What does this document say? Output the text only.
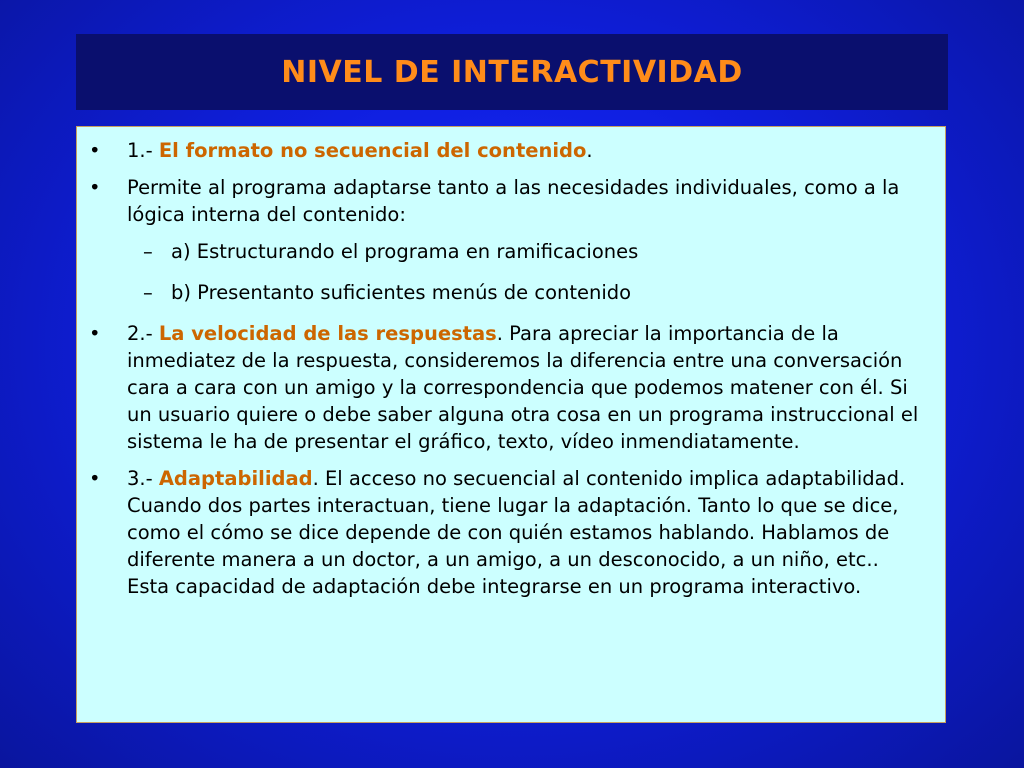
NIVEL DE INTERACTIVIDAD
• 1.- El formato no secuencial del contenido.
• Permite al programa adaptarse tanto a las necesidades individuales, como a la lógica interna del contenido:
– a) Estructurando el programa en ramificaciones
– b) Presentanto suficientes menús de contenido
• 2.- La velocidad de las respuestas. Para apreciar la importancia de la inmediatez de la respuesta, consideremos la diferencia entre una conversación cara a cara con un amigo y la correspondencia que podemos matener con él. Si un usuario quiere o debe saber alguna otra cosa en un programa instruccional el sistema le ha de presentar el gráfico, texto, vídeo inmendiatamente.
• 3.- Adaptabilidad. El acceso no secuencial al contenido implica adaptabilidad. Cuando dos partes interactuan, tiene lugar la adaptación. Tanto lo que se dice, como el cómo se dice depende de con quién estamos hablando. Hablamos de diferente manera a un doctor, a un amigo, a un desconocido, a un niño, etc.. Esta capacidad de adaptación debe integrarse en un programa interactivo.
